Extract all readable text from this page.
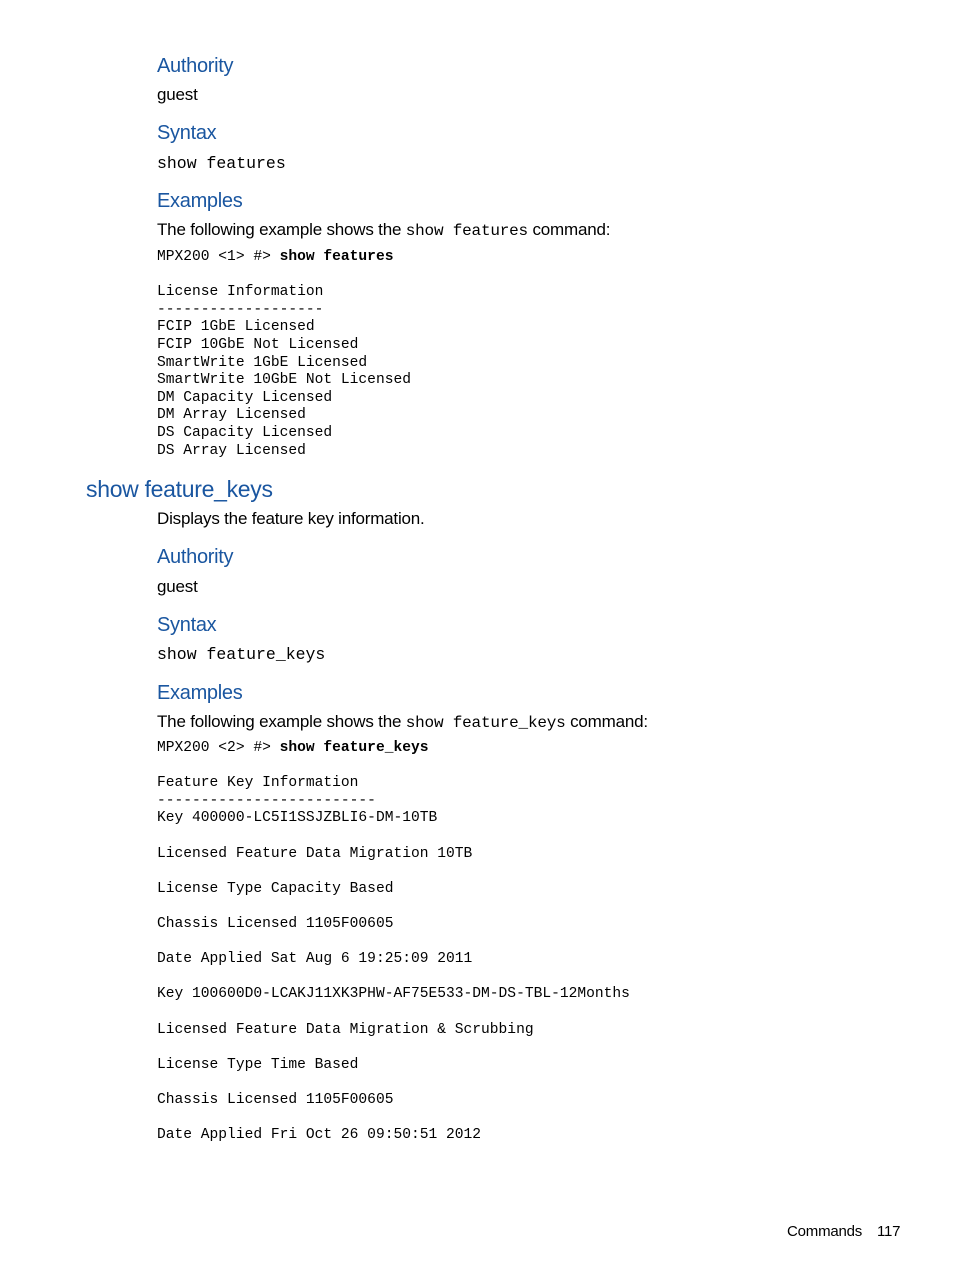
Authority
guest
Syntax
show features
Examples
The following example shows the show features command:
MPX200 <1> #> show features

License Information
-------------------
FCIP 1GbE Licensed
FCIP 10GbE Not Licensed
SmartWrite 1GbE Licensed
SmartWrite 10GbE Not Licensed
DM Capacity Licensed
DM Array Licensed
DS Capacity Licensed
DS Array Licensed
show feature_keys
Displays the feature key information.
Authority
guest
Syntax
show feature_keys
Examples
The following example shows the show feature_keys command:
MPX200 <2> #> show feature_keys

Feature Key Information
-------------------------
Key 400000-LC5I1SSJZBLI6-DM-10TB

Licensed Feature Data Migration 10TB

License Type Capacity Based

Chassis Licensed 1105F00605

Date Applied Sat Aug 6 19:25:09 2011

Key 100600D0-LCAKJ11XK3PHW-AF75E533-DM-DS-TBL-12Months

Licensed Feature Data Migration & Scrubbing

License Type Time Based

Chassis Licensed 1105F00605

Date Applied Fri Oct 26 09:50:51 2012
Commands 117
